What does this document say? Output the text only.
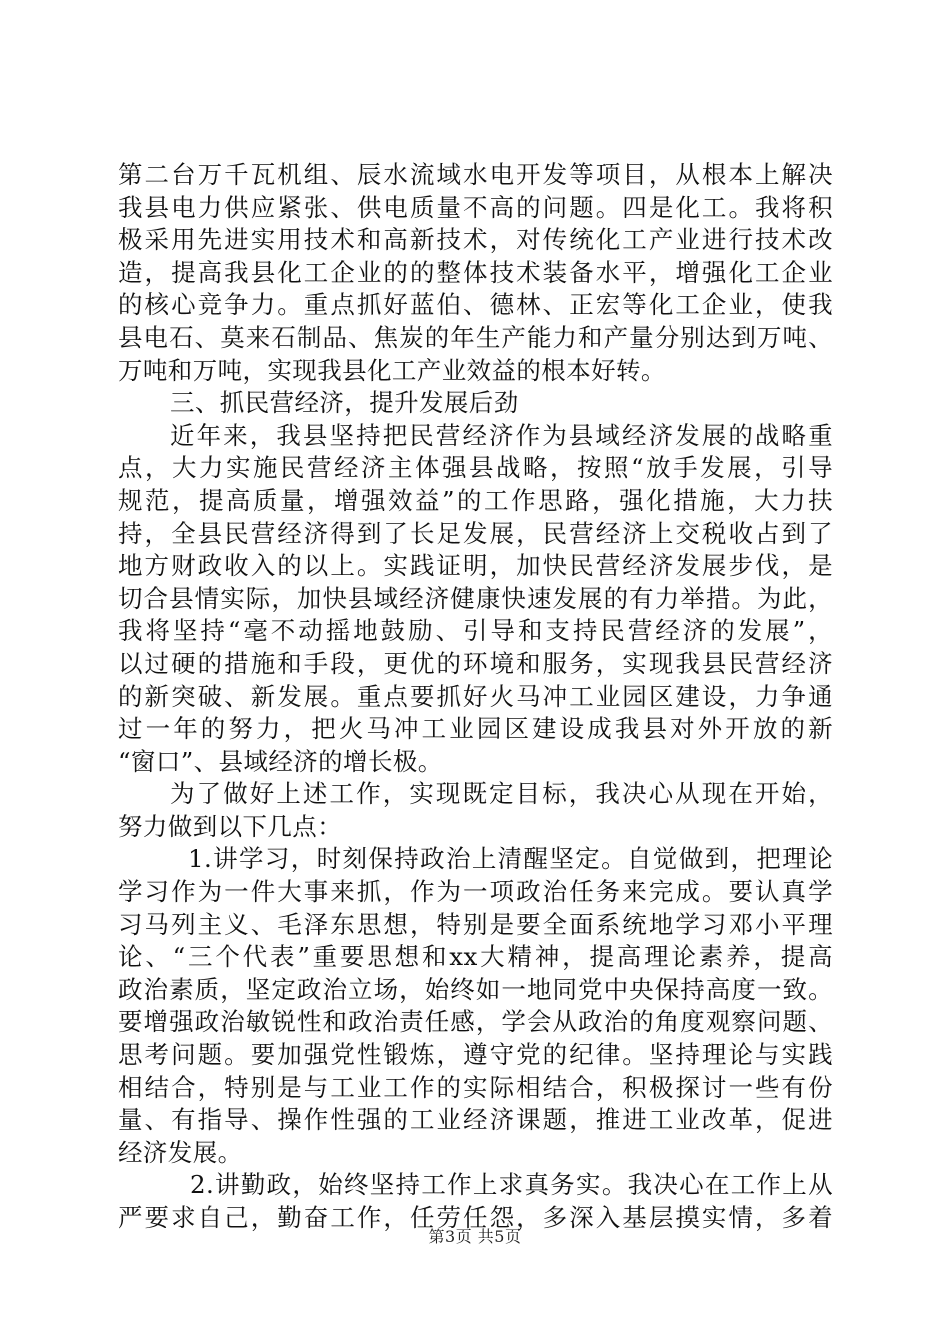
第二台万千瓦机组、辰水流域水电开发等项目，从根本上解决
我县电力供应紧张、供电质量不高的问题。四是化工。我将积
极采用先进实用技术和高新技术，对传统化工产业进行技术改
造，提高我县化工企业的的整体技术装备水平，增强化工企业
的核心竞争力。重点抓好蓝伯、德林、正宏等化工企业，使我
县电石、莫来石制品、焦炭的年生产能力和产量分别达到万吨、
万吨和万吨，实现我县化工产业效益的根本好转。
三、抓民营经济，提升发展后劲
近年来，我县坚持把民营经济作为县域经济发展的战略重
点，大力实施民营经济主体强县战略，按照“放手发展，引导
规范，提高质量，增强效益”的工作思路，强化措施，大力扶
持，全县民营经济得到了长足发展，民营经济上交税收占到了
地方财政收入的以上。实践证明，加快民营经济发展步伐，是
切合县情实际，加快县域经济健康快速发展的有力举措。为此，
我将坚持“毫不动摇地鼓励、引导和支持民营经济的发展”，
以过硬的措施和手段，更优的环境和服务，实现我县民营经济
的新突破、新发展。重点要抓好火马冲工业园区建设，力争通
过一年的努力，把火马冲工业园区建设成我县对外开放的新
“窗口”、县域经济的增长极。
为了做好上述工作，实现既定目标，我决心从现在开始，
努力做到以下几点：
1.讲学习，时刻保持政治上清醒坚定。自觉做到，把理论
学习作为一件大事来抓，作为一项政治任务来完成。要认真学
习马列主义、毛泽东思想，特别是要全面系统地学习邓小平理
论、“三个代表”重要思想和xx大精神，提高理论素养，提高
政治素质，坚定政治立场，始终如一地同党中央保持高度一致。
要增强政治敏锐性和政治责任感，学会从政治的角度观察问题、
思考问题。要加强党性锻炼，遵守党的纪律。坚持理论与实践
相结合，特别是与工业工作的实际相结合，积极探讨一些有份
量、有指导、操作性强的工业经济课题，推进工业改革，促进
经济发展。
2.讲勤政，始终坚持工作上求真务实。我决心在工作上从
严要求自己，勤奋工作，任劳任怨，多深入基层摸实情，多着
第3页 共5页
